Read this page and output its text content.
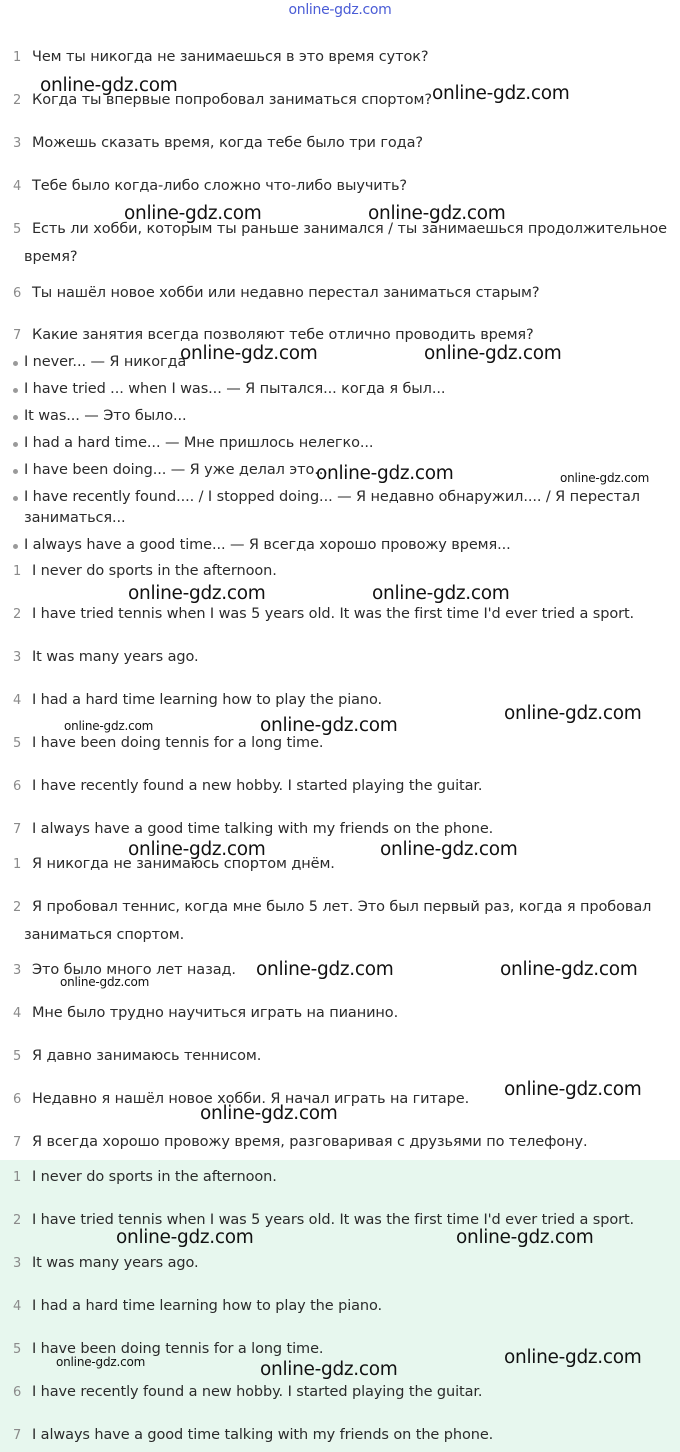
online-gdz.com
1 Чем ты никогда не занимаешься в это время суток?
2 Когда ты впервые попробовал заниматься спортом?
3 Можешь сказать время, когда тебе было три года?
4 Тебе было когда-либо сложно что-либо выучить?
5 Есть ли хобби, которым ты раньше занимался / ты занимаешься продолжительное
время?
6 Ты нашёл новое хобби или недавно перестал заниматься старым?
7 Какие занятия всегда позволяют тебе отлично проводить время?
I never... — Я никогда
I have tried ... when I was... — Я пытался... когда я был...
It was... — Это было...
I had a hard time... — Мне пришлось нелегко...
I have been doing... — Я уже делал это...
I have recently found.... / I stopped doing... — Я недавно обнаружил.... / Я перестал
заниматься...
I always have a good time... — Я всегда хорошо провожу время...
1 I never do sports in the afternoon.
2 I have tried tennis when I was 5 years old. It was the first time I'd ever tried a sport.
3 It was many years ago.
4 I had a hard time learning how to play the piano.
5 I have been doing tennis for a long time.
6 I have recently found a new hobby. I started playing the guitar.
7 I always have a good time talking with my friends on the phone.
1 Я никогда не занимаюсь спортом днём.
2 Я пробовал теннис, когда мне было 5 лет. Это был первый раз, когда я пробовал
заниматься спортом.
3 Это было много лет назад.
4 Мне было трудно научиться играть на пианино.
5 Я давно занимаюсь теннисом.
6 Недавно я нашёл новое хобби. Я начал играть на гитаре.
7 Я всегда хорошо провожу время, разговаривая с друзьями по телефону.
1 I never do sports in the afternoon.
2 I have tried tennis when I was 5 years old. It was the first time I'd ever tried a sport.
3 It was many years ago.
4 I had a hard time learning how to play the piano.
5 I have been doing tennis for a long time.
6 I have recently found a new hobby. I started playing the guitar.
7 I always have a good time talking with my friends on the phone.
online-gdz.com	online-gdz.com
online-gdz.com	online-gdz.com
online-gdz.com	online-gdz.com
online-gdz.com	online-gdz.com
online-gdz.com	online-gdz.com
online-gdz.com
online-gdz.com	online-gdz.com
online-gdz.com	online-gdz.com
online-gdz.com	online-gdz.com
online-gdz.com
online-gdz.com
online-gdz.com
online-gdz.com	online-gdz.com
online-gdz.com	online-gdz.com
online-gdz.com
